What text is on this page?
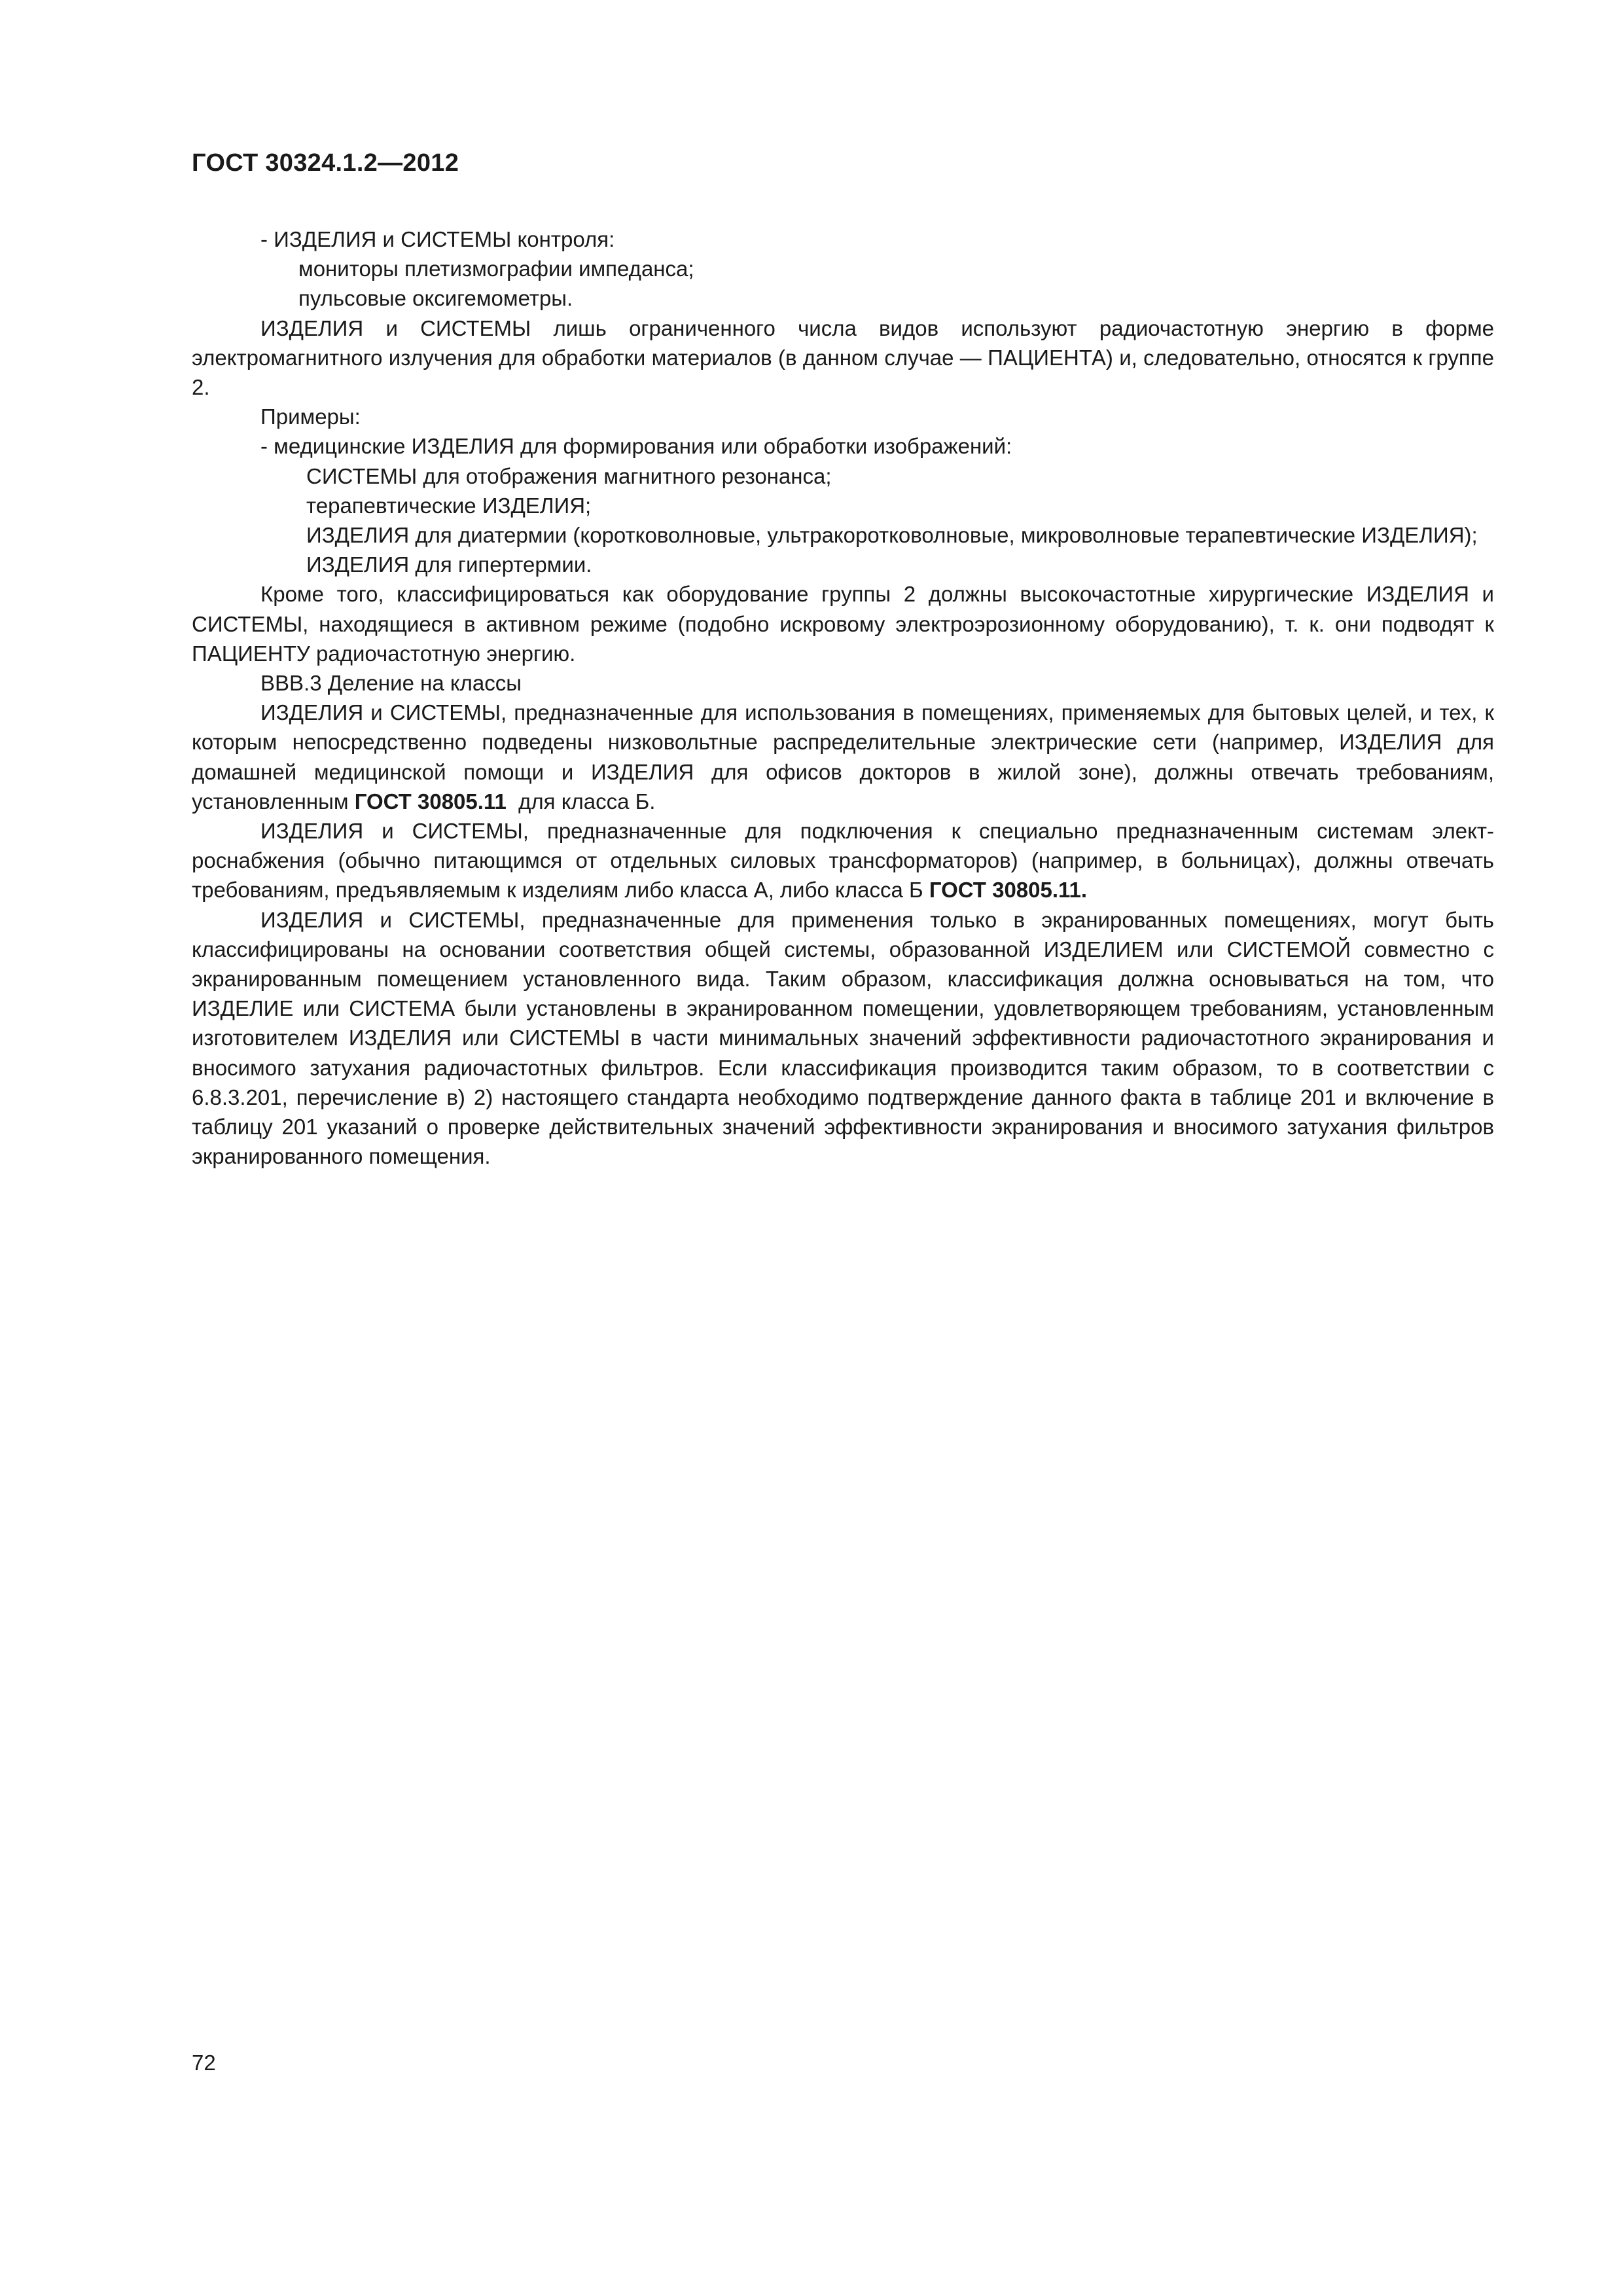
ГОСТ 30324.1.2—2012

- ИЗДЕЛИЯ и СИСТЕМЫ контроля:

мониторы плетизмографии импеданса;

пульсовые оксигемометры.

ИЗДЕЛИЯ и СИСТЕМЫ лишь ограниченного числа видов используют радиочастотную энергию в форме электромагнитного излучения для обработки материалов (в данном случае — ПАЦИЕНТА) и, следовательно, относятся к группе 2.

Примеры:

- медицинские ИЗДЕЛИЯ для формирования или обработки изображений:

СИСТЕМЫ для отображения магнитного резонанса;

терапевтические ИЗДЕЛИЯ;

ИЗДЕЛИЯ для диатермии (коротковолновые, ультракоротковолновые, микроволновые терапевтические ИЗДЕЛИЯ);

ИЗДЕЛИЯ для гипертермии.

Кроме того, классифицироваться как оборудование группы 2 должны высокочастотные хирургические ИЗДЕЛИЯ и СИСТЕМЫ, находящиеся в активном режиме (подобно искровому электроэрозионному оборудованию), т. к. они подводят к ПАЦИЕНТУ радиочастотную энергию.

ВВВ.3 Деление на классы

ИЗДЕЛИЯ и СИСТЕМЫ, предназначенные для использования в помещениях, применяемых для бытовых целей, и тех, к которым непосредственно подведены низковольтные распределительные электрические сети (например, ИЗДЕЛИЯ для домашней медицинской помощи и ИЗДЕЛИЯ для офисов докторов в жилой зоне), должны отвечать требованиям, установленным ГОСТ 30805.11  для класса Б.

ИЗДЕЛИЯ и СИСТЕМЫ, предназначенные для подключения к специально предназначенным системам электроснабжения (обычно питающимся от отдельных силовых трансформаторов) (например, в больницах), должны отвечать требованиям, предъявляемым к изделиям либо класса А, либо класса Б ГОСТ 30805.11.

ИЗДЕЛИЯ и СИСТЕМЫ, предназначенные для применения только в экранированных помещениях, могут быть классифицированы на основании соответствия общей системы, образованной ИЗДЕЛИЕМ или СИСТЕМОЙ совместно с экранированным помещением установленного вида. Таким образом, классификация должна основываться на том, что ИЗДЕЛИЕ или СИСТЕМА были установлены в экранированном помещении, удовлетворяющем требованиям, установленным изготовителем ИЗДЕЛИЯ или СИСТЕМЫ в части минимальных значений эффективности радиочастотного экранирования и вносимого затухания радиочастотных фильтров. Если классификация производится таким образом, то в соответствии с 6.8.3.201, перечисление в) 2) настоящего стандарта необходимо подтверждение данного факта в таблице 201 и включение в таблицу 201 указаний о проверке действительных значений эффективности экранирования и вносимого затухания фильтров экранированного помещения.

72
